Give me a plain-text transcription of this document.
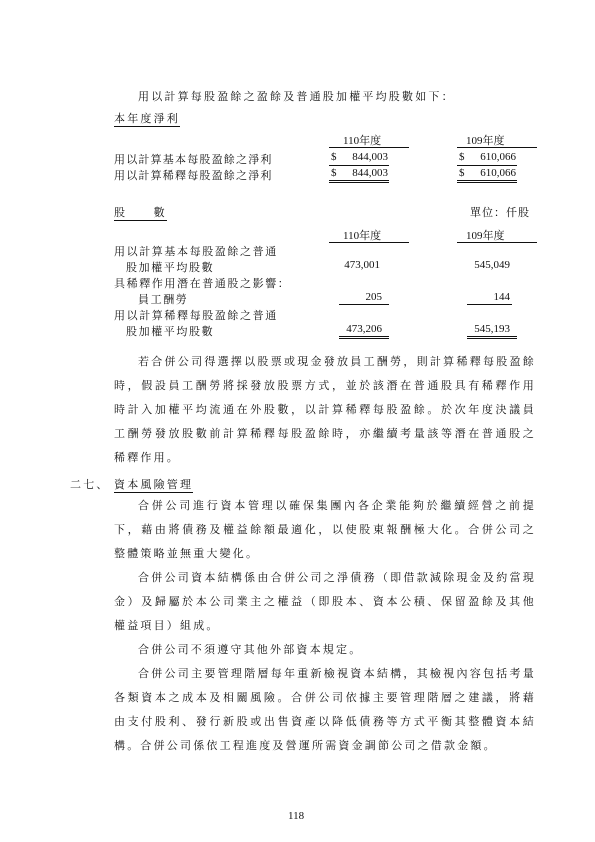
用以計算每股盈餘之盈餘及普通股加權平均股數如下：
本年度淨利
110年度	109年度
用以計算基本每股盈餘之淨利	$	844,003	$	610,066
用以計算稀釋每股盈餘之淨利	$	844,003	$	610,066
股　　數	單位：仟股
110年度	109年度
用以計算基本每股盈餘之普通
股加權平均股數	473,001	545,049
具稀釋作用潛在普通股之影響：
員工酬勞	205	144
用以計算稀釋每股盈餘之普通
股加權平均股數	473,206	545,193
若合併公司得選擇以股票或現金發放員工酬勞，則計算稀釋每股盈餘時，假設員工酬勞將採發放股票方式，並於該潛在普通股具有稀釋作用時計入加權平均流通在外股數，以計算稀釋每股盈餘。於次年度決議員工酬勞發放股數前計算稀釋每股盈餘時，亦繼續考量該等潛在普通股之稀釋作用。
二七、 資本風險管理
合併公司進行資本管理以確保集團內各企業能夠於繼續經營之前提下，藉由將債務及權益餘額最適化，以使股東報酬極大化。合併公司之整體策略並無重大變化。
合併公司資本結構係由合併公司之淨債務（即借款減除現金及約當現金）及歸屬於本公司業主之權益（即股本、資本公積、保留盈餘及其他權益項目）組成。
合併公司不須遵守其他外部資本規定。
合併公司主要管理階層每年重新檢視資本結構，其檢視內容包括考量各類資本之成本及相關風險。合併公司依據主要管理階層之建議，將藉由支付股利、發行新股或出售資產以降低債務等方式平衡其整體資本結構。合併公司係依工程進度及營運所需資金調節公司之借款金額。
118
